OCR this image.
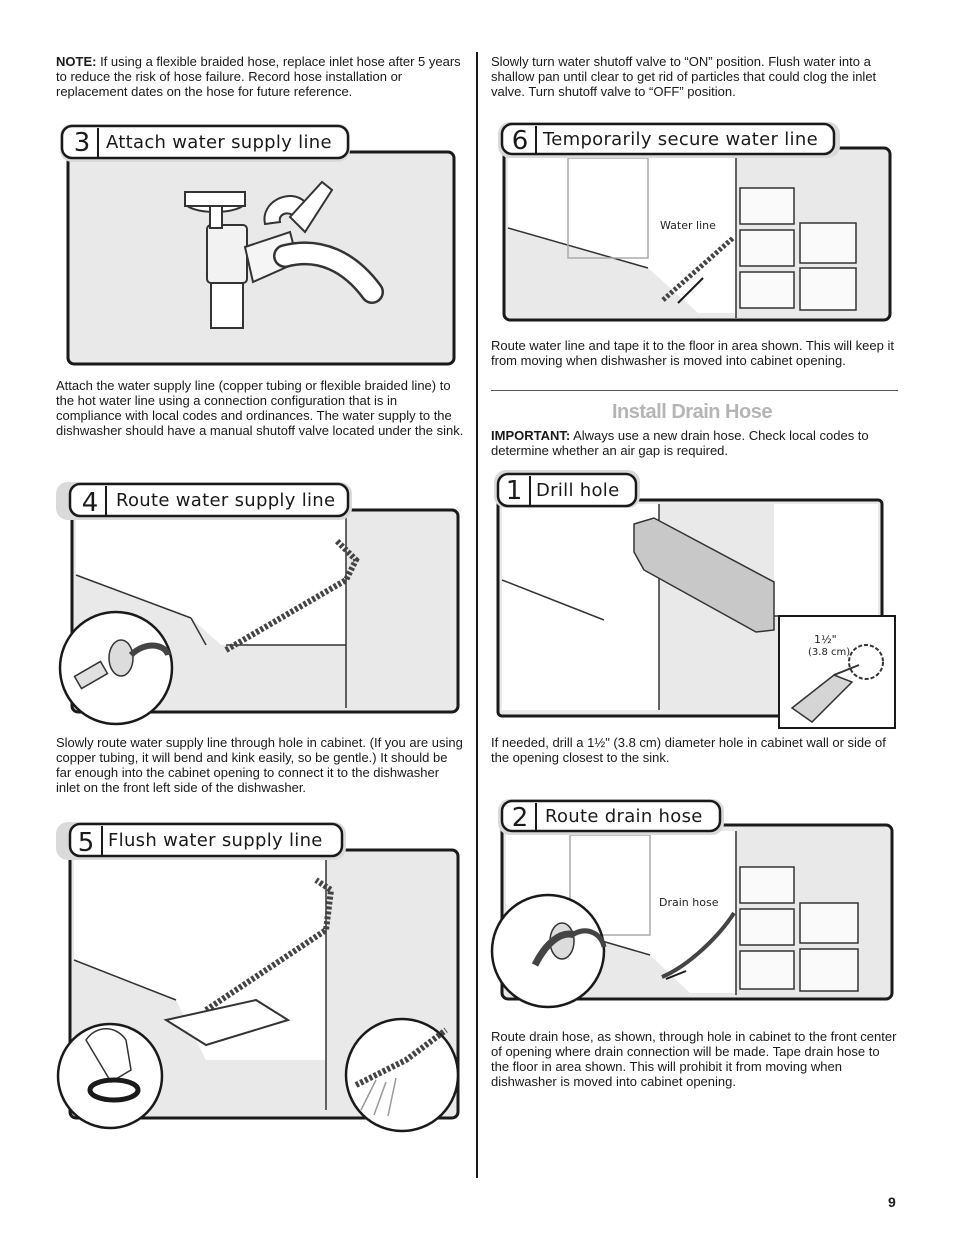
NOTE: If using a flexible braided hose, replace inlet hose after 5 years to reduce the risk of hose failure. Record hose installation or replacement dates on the hose for future reference.
3 Attach water supply line
Attach the water supply line (copper tubing or flexible braided line) to the hot water line using a connection configuration that is in compliance with local codes and ordinances. The water supply to the dishwasher should have a manual shutoff valve located under the sink.
4 Route water supply line
Slowly route water supply line through hole in cabinet. (If you are using copper tubing, it will bend and kink easily, so be gentle.) It should be far enough into the cabinet opening to connect it to the dishwasher inlet on the front left side of the dishwasher.
5 Flush water supply line
Slowly turn water shutoff valve to “ON” position. Flush water into a shallow pan until clear to get rid of particles that could clog the inlet valve. Turn shutoff valve to “OFF” position.
6 Temporarily secure water line
Water line
Route water line and tape it to the floor in area shown. This will keep it from moving when dishwasher is moved into cabinet opening.
Install Drain Hose
IMPORTANT: Always use a new drain hose. Check local codes to determine whether an air gap is required.
1 Drill hole
1½"
(3.8 cm)
If needed, drill a 1½" (3.8 cm) diameter hole in cabinet wall or side of the opening closest to the sink.
2 Route drain hose
Drain hose
Route drain hose, as shown, through hole in cabinet to the front center of opening where drain connection will be made. Tape drain hose to the floor in area shown. This will prohibit it from moving when dishwasher is moved into cabinet opening.
9
